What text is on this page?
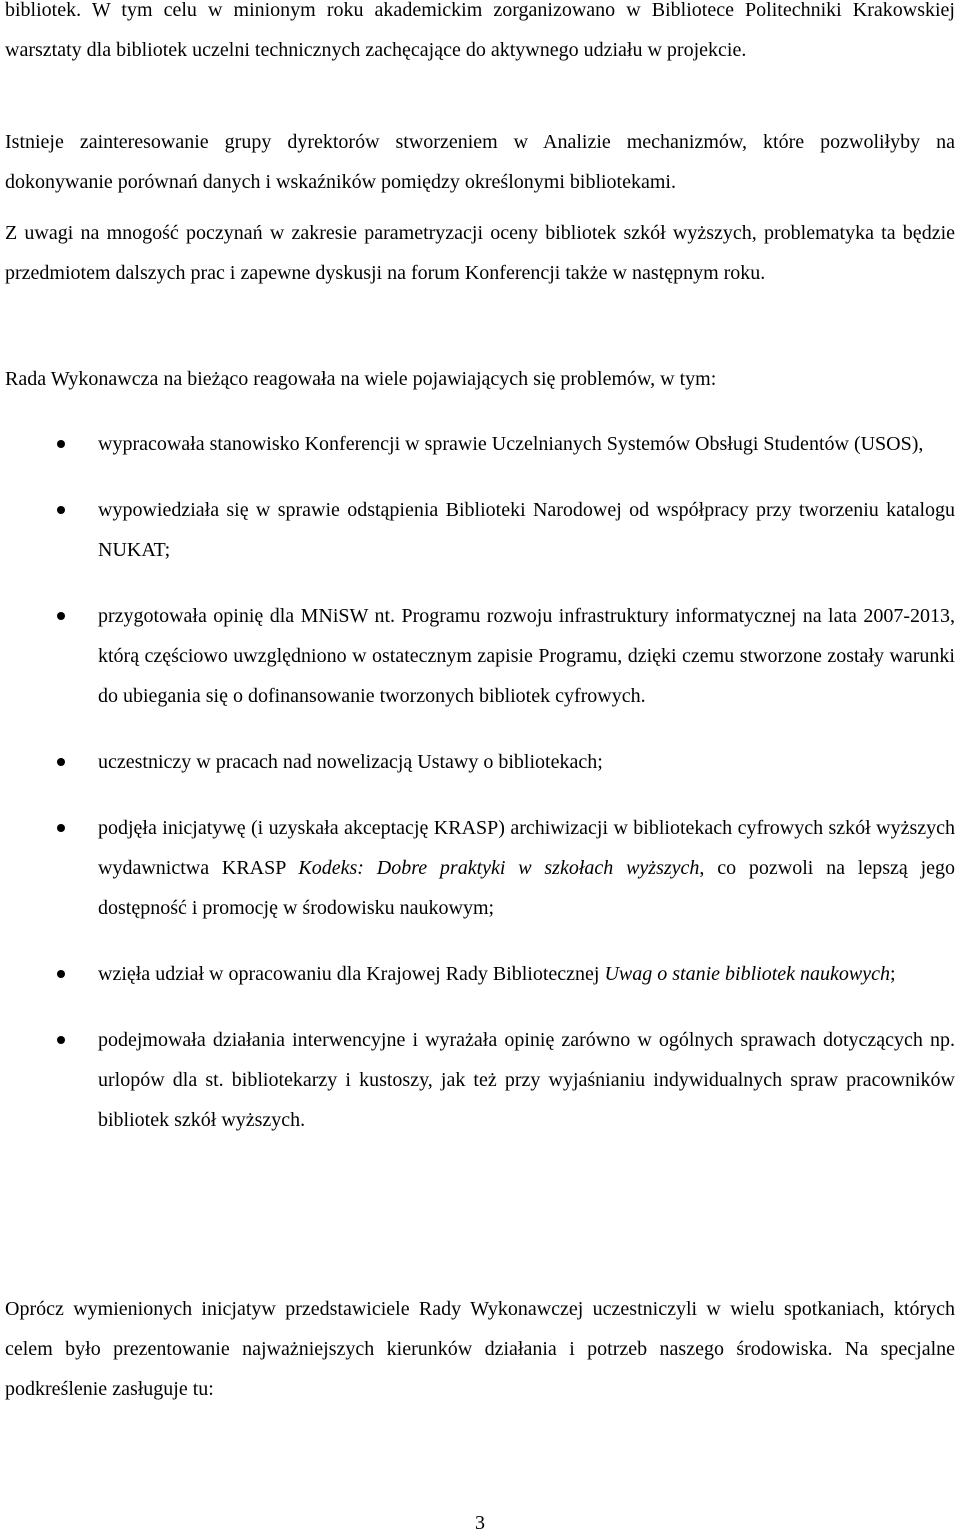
bibliotek. W tym celu w minionym roku akademickim zorganizowano w Bibliotece Politechniki Krakowskiej warsztaty dla bibliotek uczelni technicznych zachęcające do aktywnego udziału w projekcie.

Istnieje zainteresowanie grupy dyrektorów stworzeniem w Analizie mechanizmów, które pozwoliłyby na dokonywanie porównań danych i wskaźników pomiędzy określonymi bibliotekami.

Z uwagi na mnogość poczynań w zakresie parametryzacji oceny bibliotek szkół wyższych, problematyka ta będzie przedmiotem dalszych prac i zapewne dyskusji na forum Konferencji także w następnym roku.

Rada Wykonawcza na bieżąco reagowała na wiele pojawiających się problemów, w tym:

wypracowała stanowisko Konferencji w sprawie Uczelnianych Systemów Obsługi Studentów (USOS),
wypowiedziała się w sprawie odstąpienia Biblioteki Narodowej od współpracy przy tworzeniu katalogu NUKAT;
przygotowała opinię dla MNiSW nt. Programu rozwoju infrastruktury informatycznej na lata 2007-2013, którą częściowo uwzględniono w ostatecznym zapisie Programu, dzięki czemu stworzone zostały warunki do ubiegania się o dofinansowanie tworzonych bibliotek cyfrowych.
uczestniczy w pracach nad nowelizacją Ustawy o bibliotekach;
podjęła inicjatywę (i uzyskała akceptację KRASP) archiwizacji w bibliotekach cyfrowych szkół wyższych wydawnictwa KRASP Kodeks: Dobre praktyki w szkołach wyższych, co pozwoli na lepszą jego dostępność i promocję w środowisku naukowym;
wzięła udział w opracowaniu dla Krajowej Rady Bibliotecznej Uwag o stanie bibliotek naukowych;
podejmowała działania interwencyjne i wyrażała opinię zarówno w ogólnych sprawach dotyczących np. urlopów dla st. bibliotekarzy i kustoszy, jak też przy wyjaśnianiu indywidualnych spraw pracowników bibliotek szkół wyższych.

Oprócz wymienionych inicjatyw przedstawiciele Rady Wykonawczej uczestniczyli w wielu spotkaniach, których celem było prezentowanie najważniejszych kierunków działania i potrzeb naszego środowiska. Na specjalne podkreślenie zasługuje tu:

3
